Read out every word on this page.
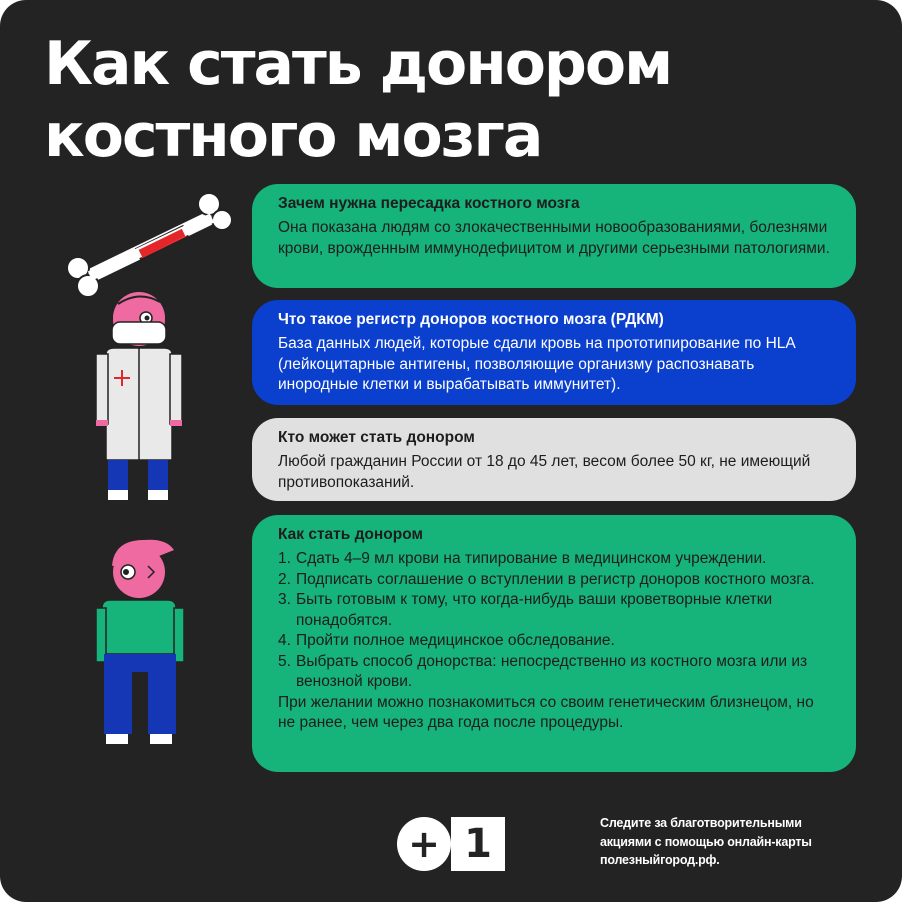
Как стать донором
костного мозга
Зачем нужна пересадка костного мозга

Она показана людям со злокачественными новообразованиями, болезнями крови, врожденным иммунодефицитом и другими серьезными патологиями.

Что такое регистр доноров костного мозга (РДКМ)

База данных людей, которые сдали кровь на прототипирование по HLA (лейкоцитарные антигены, позволяющие организму распознавать инородные клетки и вырабатывать иммунитет).

Кто может стать донором

Любой гражданин России от 18 до 45 лет, весом более 50 кг, не имеющий противопоказаний.

Как стать донором
1. Сдать 4–9 мл крови на типирование в медицинском учреждении.
2. Подписать соглашение о вступлении в регистр доноров костного мозга.
3. Быть готовым к тому, что когда-нибудь ваши кроветворные клетки понадобятся.
4. Пройти полное медицинское обследование.
5. Выбрать способ донорства: непосредственно из костного мозга или из венозной крови.

При желании можно познакомиться со своим генетическим близнецом, но не ранее, чем через два года после процедуры.

+ 1	Следите за благотворительными
акциями с помощью онлайн-карты
полезныйгород.рф.
